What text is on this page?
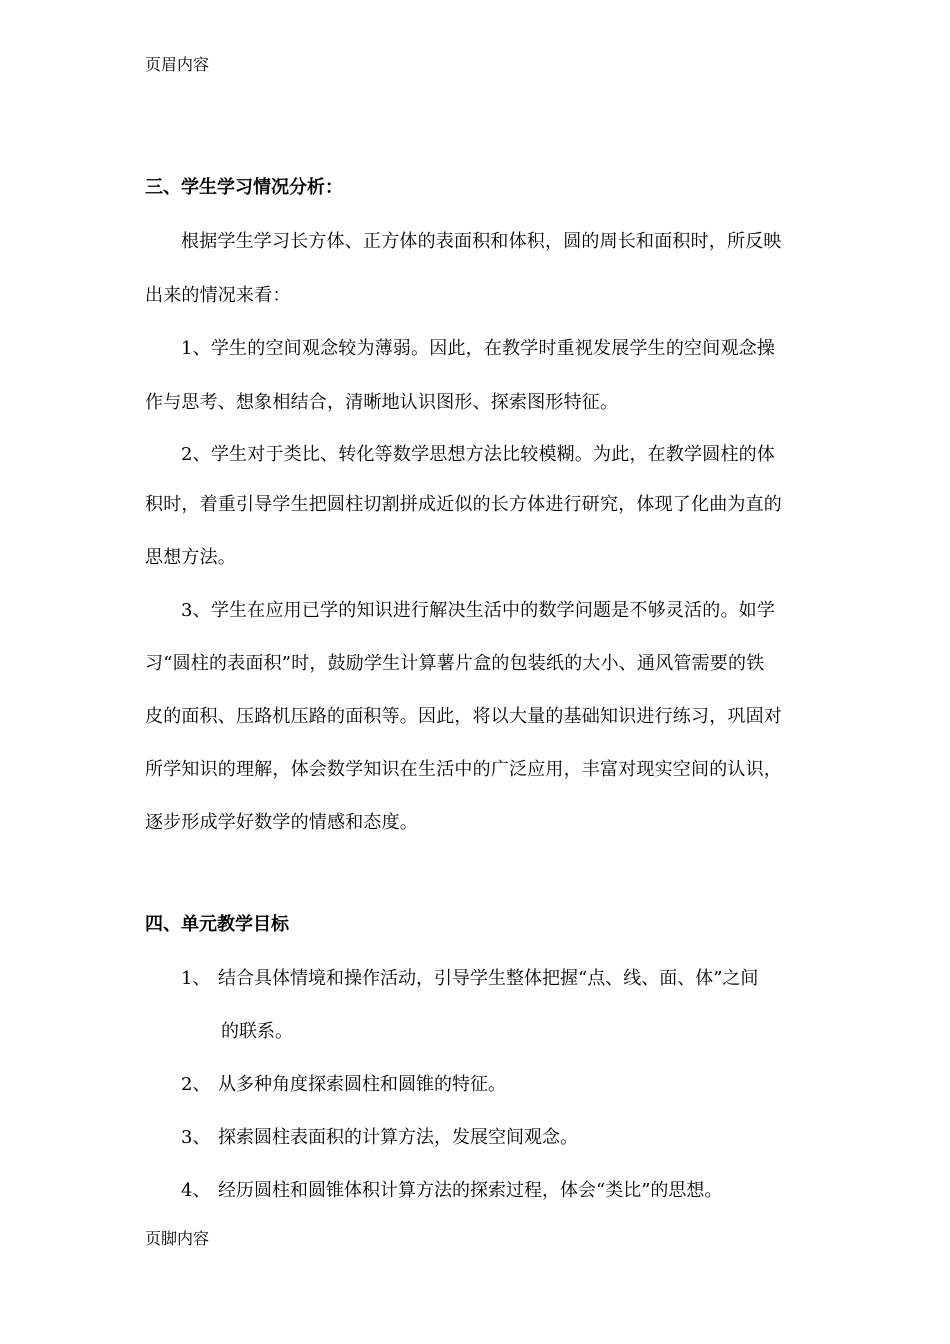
页眉内容
三、学生学习情况分析：
根据学生学习长方体、正方体的表面积和体积，圆的周长和面积时，所反映
出来的情况来看：
1、学生的空间观念较为薄弱。因此，在教学时重视发展学生的空间观念操
作与思考、想象相结合，清晰地认识图形、探索图形特征。
2、学生对于类比、转化等数学思想方法比较模糊。为此，在教学圆柱的体
积时，着重引导学生把圆柱切割拼成近似的长方体进行研究，体现了化曲为直的
思想方法。
3、学生在应用已学的知识进行解决生活中的数学问题是不够灵活的。如学
习“圆柱的表面积”时，鼓励学生计算薯片盒的包装纸的大小、通风管需要的铁
皮的面积、压路机压路的面积等。因此，将以大量的基础知识进行练习，巩固对
所学知识的理解，体会数学知识在生活中的广泛应用，丰富对现实空间的认识，
逐步形成学好数学的情感和态度。
四、单元教学目标
1、 结合具体情境和操作活动，引导学生整体把握“点、线、面、体”之间
的联系。
2、 从多种角度探索圆柱和圆锥的特征。
3、 探索圆柱表面积的计算方法，发展空间观念。
4、 经历圆柱和圆锥体积计算方法的探索过程，体会“类比”的思想。
页脚内容
